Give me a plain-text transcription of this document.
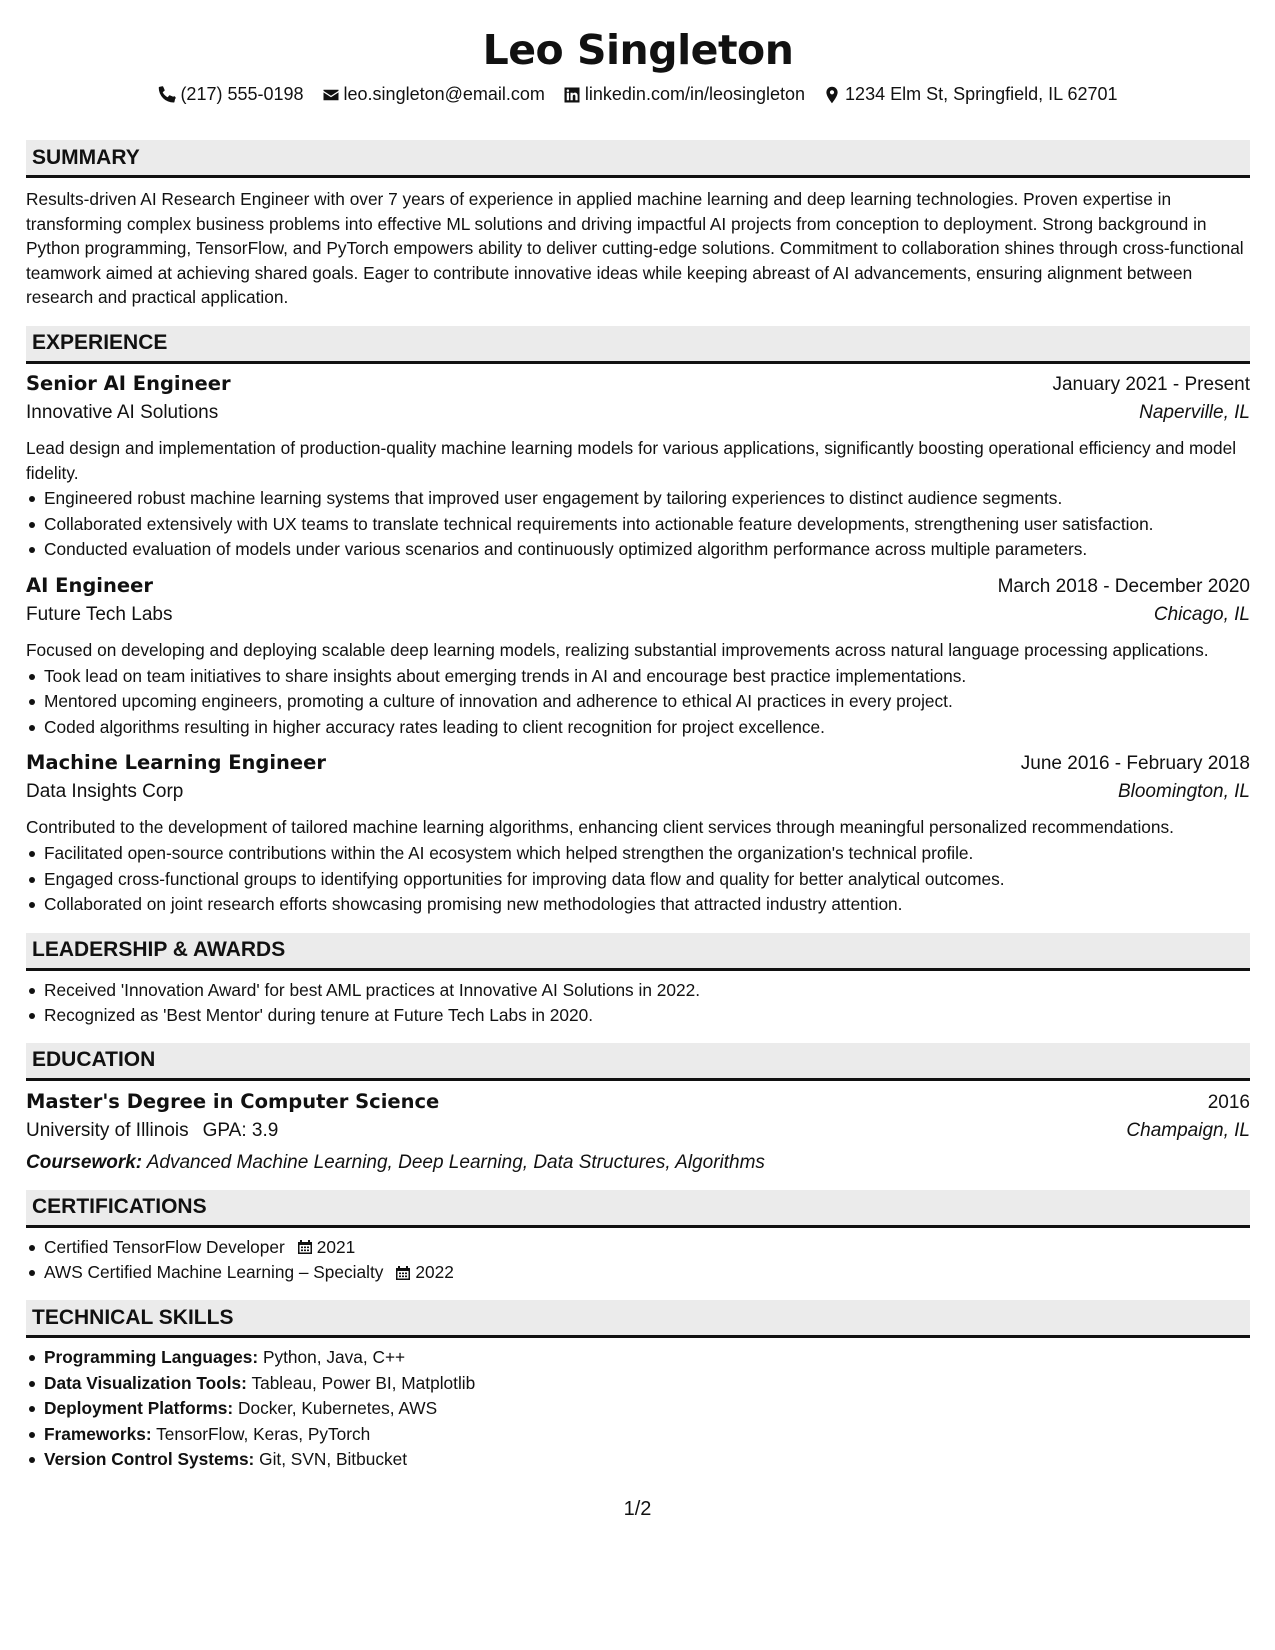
Leo Singleton
(217) 555-0198 leo.singleton@email.com linkedin.com/in/leosingleton 1234 Elm St, Springfield, IL 62701
SUMMARY

Results-driven AI Research Engineer with over 7 years of experience in applied machine learning and deep learning technologies. Proven expertise in transforming complex business problems into effective ML solutions and driving impactful AI projects from conception to deployment. Strong background in Python programming, TensorFlow, and PyTorch empowers ability to deliver cutting-edge solutions. Commitment to collaboration shines through cross-functional teamwork aimed at achieving shared goals. Eager to contribute innovative ideas while keeping abreast of AI advancements, ensuring alignment between research and practical application.

EXPERIENCE
Senior AI Engineer	January 2021 - Present
Innovative AI Solutions	Naperville, IL

Lead design and implementation of production-quality machine learning models for various applications, significantly boosting operational efficiency and model fidelity.

Engineered robust machine learning systems that improved user engagement by tailoring experiences to distinct audience segments.
Collaborated extensively with UX teams to translate technical requirements into actionable feature developments, strengthening user satisfaction.
Conducted evaluation of models under various scenarios and continuously optimized algorithm performance across multiple parameters.
AI Engineer	March 2018 - December 2020
Future Tech Labs	Chicago, IL

Focused on developing and deploying scalable deep learning models, realizing substantial improvements across natural language processing applications.

Took lead on team initiatives to share insights about emerging trends in AI and encourage best practice implementations.
Mentored upcoming engineers, promoting a culture of innovation and adherence to ethical AI practices in every project.
Coded algorithms resulting in higher accuracy rates leading to client recognition for project excellence.
Machine Learning Engineer	June 2016 - February 2018
Data Insights Corp	Bloomington, IL

Contributed to the development of tailored machine learning algorithms, enhancing client services through meaningful personalized recommendations.

Facilitated open-source contributions within the AI ecosystem which helped strengthen the organization's technical profile.
Engaged cross-functional groups to identifying opportunities for improving data flow and quality for better analytical outcomes.
Collaborated on joint research efforts showcasing promising new methodologies that attracted industry attention.
LEADERSHIP & AWARDS
Received 'Innovation Award' for best AML practices at Innovative AI Solutions in 2022.
Recognized as 'Best Mentor' during tenure at Future Tech Labs in 2020.
EDUCATION
Master's Degree in Computer Science	2016
University of Illinois GPA: 3.9	Champaign, IL
Coursework: Advanced Machine Learning, Deep Learning, Data Structures, Algorithms
CERTIFICATIONS
Certified TensorFlow Developer 2021
AWS Certified Machine Learning – Specialty 2022
TECHNICAL SKILLS
Programming Languages: Python, Java, C++
Data Visualization Tools: Tableau, Power BI, Matplotlib
Deployment Platforms: Docker, Kubernetes, AWS
Frameworks: TensorFlow, Keras, PyTorch
Version Control Systems: Git, SVN, Bitbucket
1/2
